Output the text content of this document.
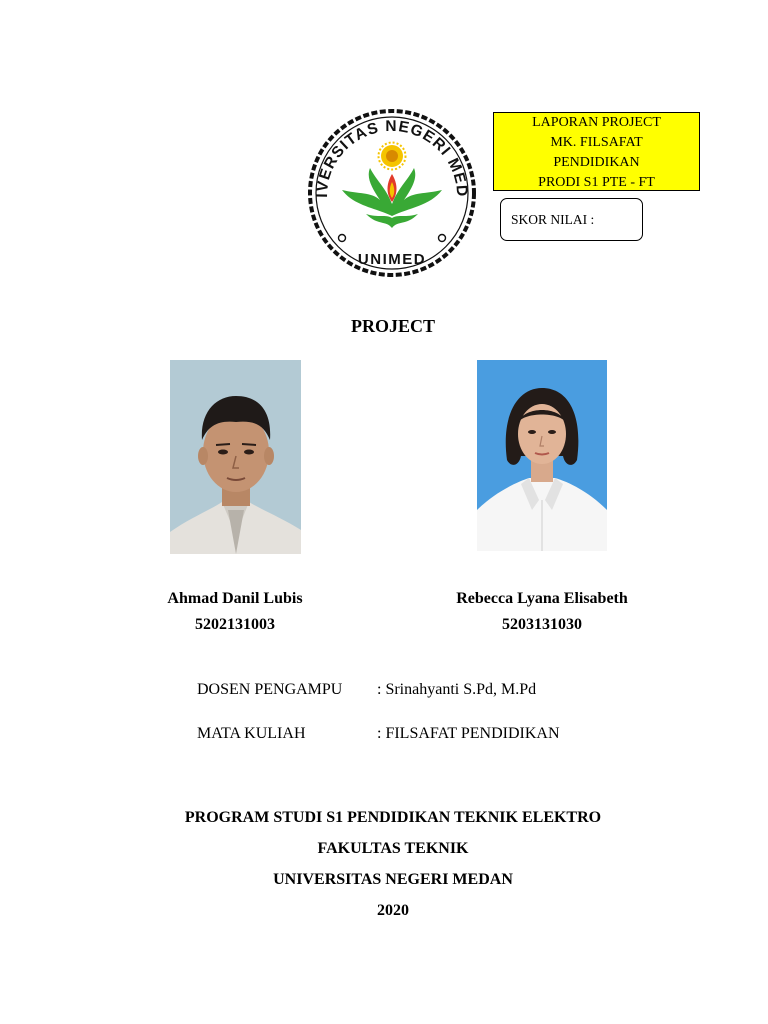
IVERSITAS NEGERI MED
UNIMED
LAPORAN PROJECT
MK. FILSAFAT
PENDIDIKAN
PRODI S1 PTE - FT
SKOR NILAI :
PROJECT
Ahmad Danil Lubis
5202131003
Rebecca Lyana Elisabeth
5203131030
DOSEN PENGAMPU : Srinahyanti S.Pd, M.Pd
MATA KULIAH	: FILSAFAT PENDIDIKAN
PROGRAM STUDI S1 PENDIDIKAN TEKNIK ELEKTRO
FAKULTAS TEKNIK
UNIVERSITAS NEGERI MEDAN
2020
